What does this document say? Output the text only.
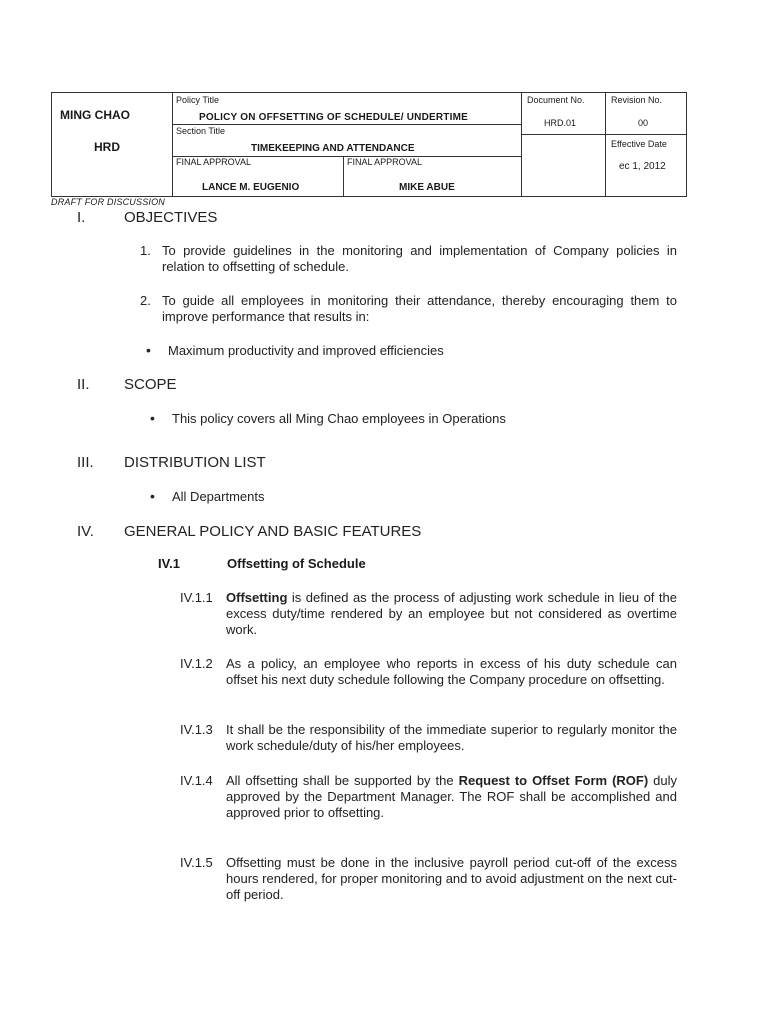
MING CHAO
HRD
Policy Title
POLICY ON OFFSETTING OF SCHEDULE/ UNDERTIME
Section Title
TIMEKEEPING AND ATTENDANCE
FINAL APPROVAL
LANCE M. EUGENIO
FINAL APPROVAL
MIKE ABUE
Document No.
HRD.01
Revision No.
00
Effective Date
ec 1, 2012
DRAFT FOR DISCUSSION
I.	OBJECTIVES
1. To provide guidelines in the monitoring and implementation of Company policies in relation to offsetting of schedule.
2. To guide all employees in monitoring their attendance, thereby encouraging them to improve performance that results in:
• Maximum productivity and improved efficiencies
II. SCOPE
• This policy covers all Ming Chao employees in Operations
III. DISTRIBUTION LIST
• All Departments
IV. GENERAL POLICY AND BASIC FEATURES
IV.1	Offsetting of Schedule
IV.1.1 Offsetting is defined as the process of adjusting work schedule in lieu of the excess duty/time rendered by an employee but not considered as overtime work.
IV.1.2 As a policy, an employee who reports in excess of his duty schedule can offset his next duty schedule following the Company procedure on offsetting.
IV.1.3 It shall be the responsibility of the immediate superior to regularly monitor the work schedule/duty of his/her employees.
IV.1.4 All offsetting shall be supported by the Request to Offset Form (ROF) duly approved by the Department Manager. The ROF shall be accomplished and approved prior to offsetting.
IV.1.5 Offsetting must be done in the inclusive payroll period cut-off of the excess hours rendered, for proper monitoring and to avoid adjustment on the next cut-off period.
